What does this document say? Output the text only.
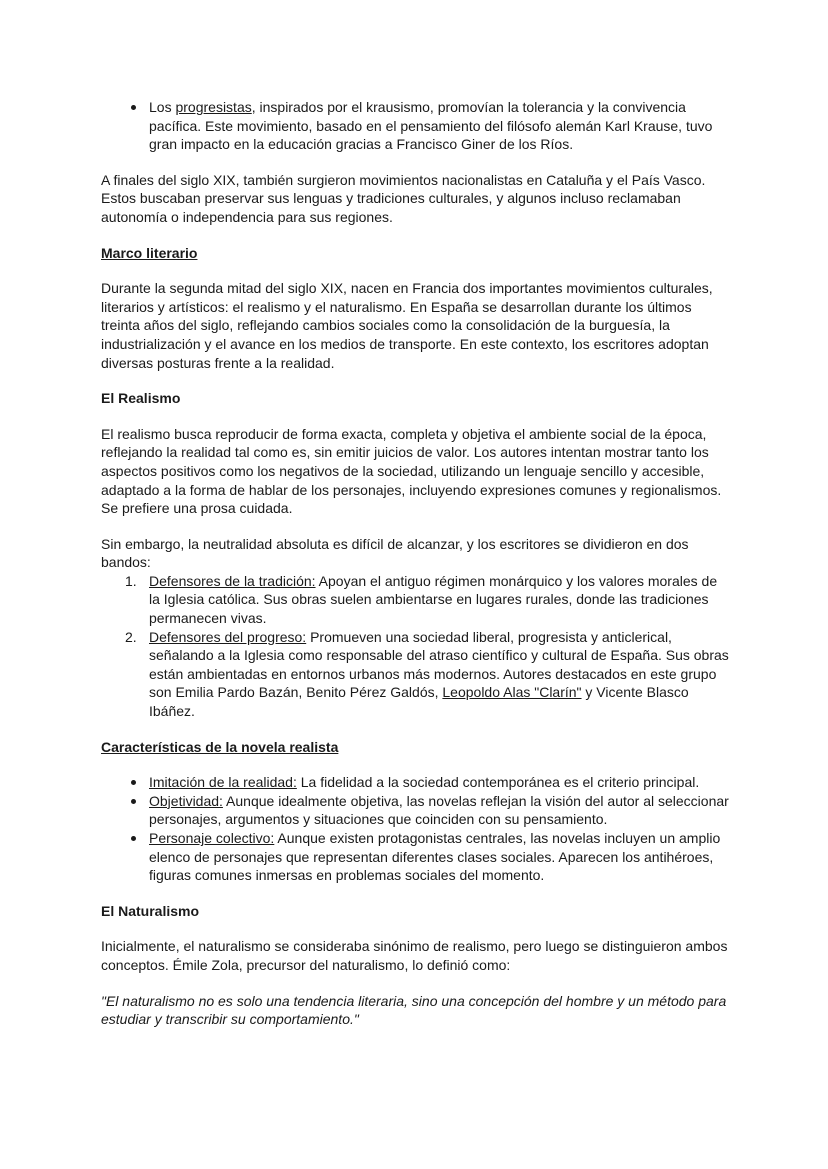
Los progresistas, inspirados por el krausismo, promovían la tolerancia y la convivencia pacífica. Este movimiento, basado en el pensamiento del filósofo alemán Karl Krause, tuvo gran impacto en la educación gracias a Francisco Giner de los Ríos.

A finales del siglo XIX, también surgieron movimientos nacionalistas en Cataluña y el País Vasco. Estos buscaban preservar sus lenguas y tradiciones culturales, y algunos incluso reclamaban autonomía o independencia para sus regiones.

Marco literario

Durante la segunda mitad del siglo XIX, nacen en Francia dos importantes movimientos culturales, literarios y artísticos: el realismo y el naturalismo. En España se desarrollan durante los últimos treinta años del siglo, reflejando cambios sociales como la consolidación de la burguesía, la industrialización y el avance en los medios de transporte. En este contexto, los escritores adoptan diversas posturas frente a la realidad.

El Realismo

El realismo busca reproducir de forma exacta, completa y objetiva el ambiente social de la época, reflejando la realidad tal como es, sin emitir juicios de valor. Los autores intentan mostrar tanto los aspectos positivos como los negativos de la sociedad, utilizando un lenguaje sencillo y accesible, adaptado a la forma de hablar de los personajes, incluyendo expresiones comunes y regionalismos. Se prefiere una prosa cuidada.

Sin embargo, la neutralidad absoluta es difícil de alcanzar, y los escritores se dividieron en dos bandos:

1. Defensores de la tradición: Apoyan el antiguo régimen monárquico y los valores morales de la Iglesia católica. Sus obras suelen ambientarse en lugares rurales, donde las tradiciones permanecen vivas.
2. Defensores del progreso: Promueven una sociedad liberal, progresista y anticlerical, señalando a la Iglesia como responsable del atraso científico y cultural de España. Sus obras están ambientadas en entornos urbanos más modernos. Autores destacados en este grupo son Emilia Pardo Bazán, Benito Pérez Galdós, Leopoldo Alas "Clarín" y Vicente Blasco Ibáñez.
Características de la novela realista
Imitación de la realidad: La fidelidad a la sociedad contemporánea es el criterio principal.
Objetividad: Aunque idealmente objetiva, las novelas reflejan la visión del autor al seleccionar personajes, argumentos y situaciones que coinciden con su pensamiento.
Personaje colectivo: Aunque existen protagonistas centrales, las novelas incluyen un amplio elenco de personajes que representan diferentes clases sociales. Aparecen los antihéroes, figuras comunes inmersas en problemas sociales del momento.
El Naturalismo

Inicialmente, el naturalismo se consideraba sinónimo de realismo, pero luego se distinguieron ambos conceptos. Émile Zola, precursor del naturalismo, lo definió como:

"El naturalismo no es solo una tendencia literaria, sino una concepción del hombre y un método para estudiar y transcribir su comportamiento."
